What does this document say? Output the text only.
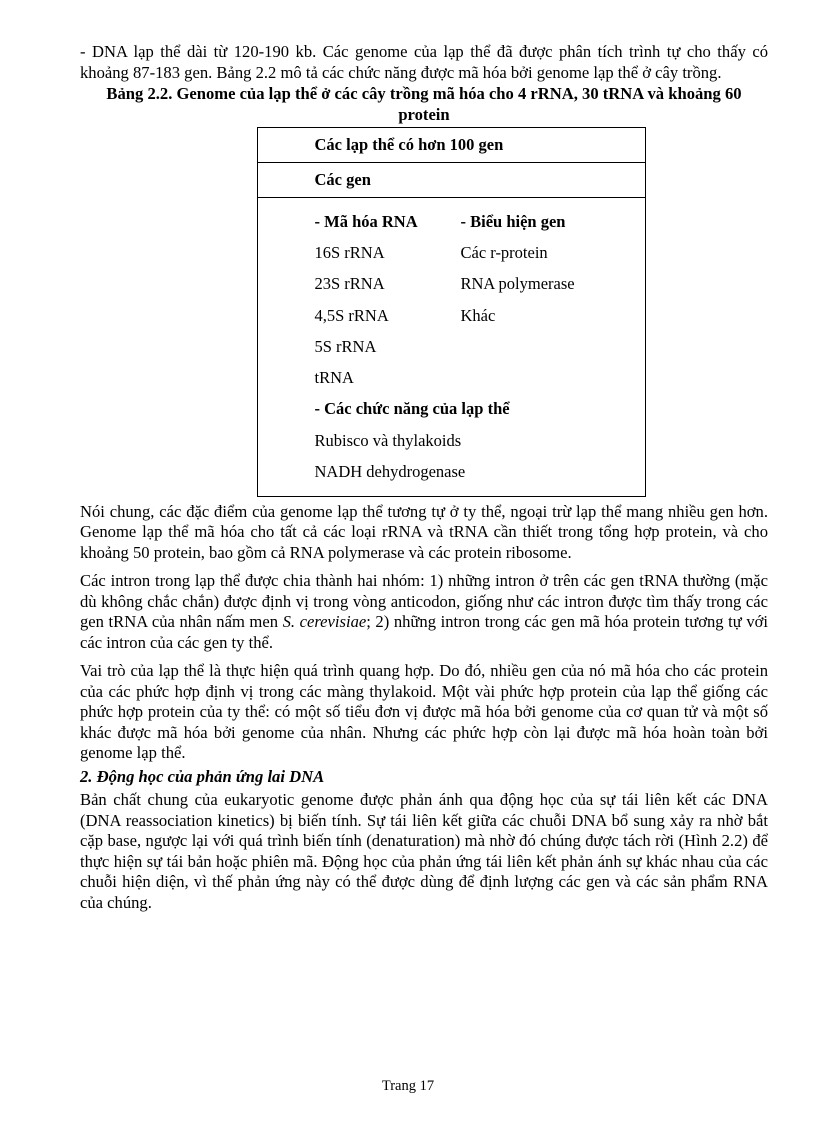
- DNA lạp thể dài từ 120-190 kb. Các genome của lạp thể đã được phân tích trình tự cho thấy có khoảng 87-183 gen. Bảng 2.2 mô tả các chức năng được mã hóa bởi genome lạp thể ở cây trồng.

Bảng 2.2. Genome của lạp thể ở các cây trồng mã hóa cho 4 rRNA, 30 tRNA và khoảng 60 protein
Các lạp thể có hơn 100 gen
Các gen
- Mã hóa RNA	- Biểu hiện gen
16S rRNA	Các r-protein
23S rRNA	RNA polymerase
4,5S rRNA	Khác
5S rRNA
tRNA
- Các chức năng của lạp thể
Rubisco và thylakoids
NADH dehydrogenase

Nói chung, các đặc điểm của genome lạp thể tương tự ở ty thể, ngoại trừ lạp thể mang nhiều gen hơn. Genome lạp thể mã hóa cho tất cả các loại rRNA và tRNA cần thiết trong tổng hợp protein, và cho khoảng 50 protein, bao gồm cả RNA polymerase và các protein ribosome.

Các intron trong lạp thể được chia thành hai nhóm: 1) những intron ở trên các gen tRNA thường (mặc dù không chắc chắn) được định vị trong vòng anticodon, giống như các intron được tìm thấy trong các gen tRNA của nhân nấm men S. cerevisiae; 2) những intron trong các gen mã hóa protein tương tự với các intron của các gen ty thể.

Vai trò của lạp thể là thực hiện quá trình quang hợp. Do đó, nhiều gen của nó mã hóa cho các protein của các phức hợp định vị trong các màng thylakoid. Một vài phức hợp protein của lạp thể giống các phức hợp protein của ty thể: có một số tiểu đơn vị được mã hóa bởi genome của cơ quan tử và một số khác được mã hóa bởi genome của nhân. Nhưng các phức hợp còn lại được mã hóa hoàn toàn bởi genome lạp thể.

2. Động học của phản ứng lai DNA

Bản chất chung của eukaryotic genome được phản ánh qua động học của sự tái liên kết các DNA (DNA reassociation kinetics) bị biến tính. Sự tái liên kết giữa các chuỗi DNA bổ sung xảy ra nhờ bắt cặp base, ngược lại với quá trình biến tính (denaturation) mà nhờ đó chúng được tách rời (Hình 2.2) để thực hiện sự tái bản hoặc phiên mã. Động học của phản ứng tái liên kết phản ánh sự khác nhau của các chuỗi hiện diện, vì thế phản ứng này có thể được dùng để định lượng các gen và các sản phẩm RNA của chúng.

Trang 17
